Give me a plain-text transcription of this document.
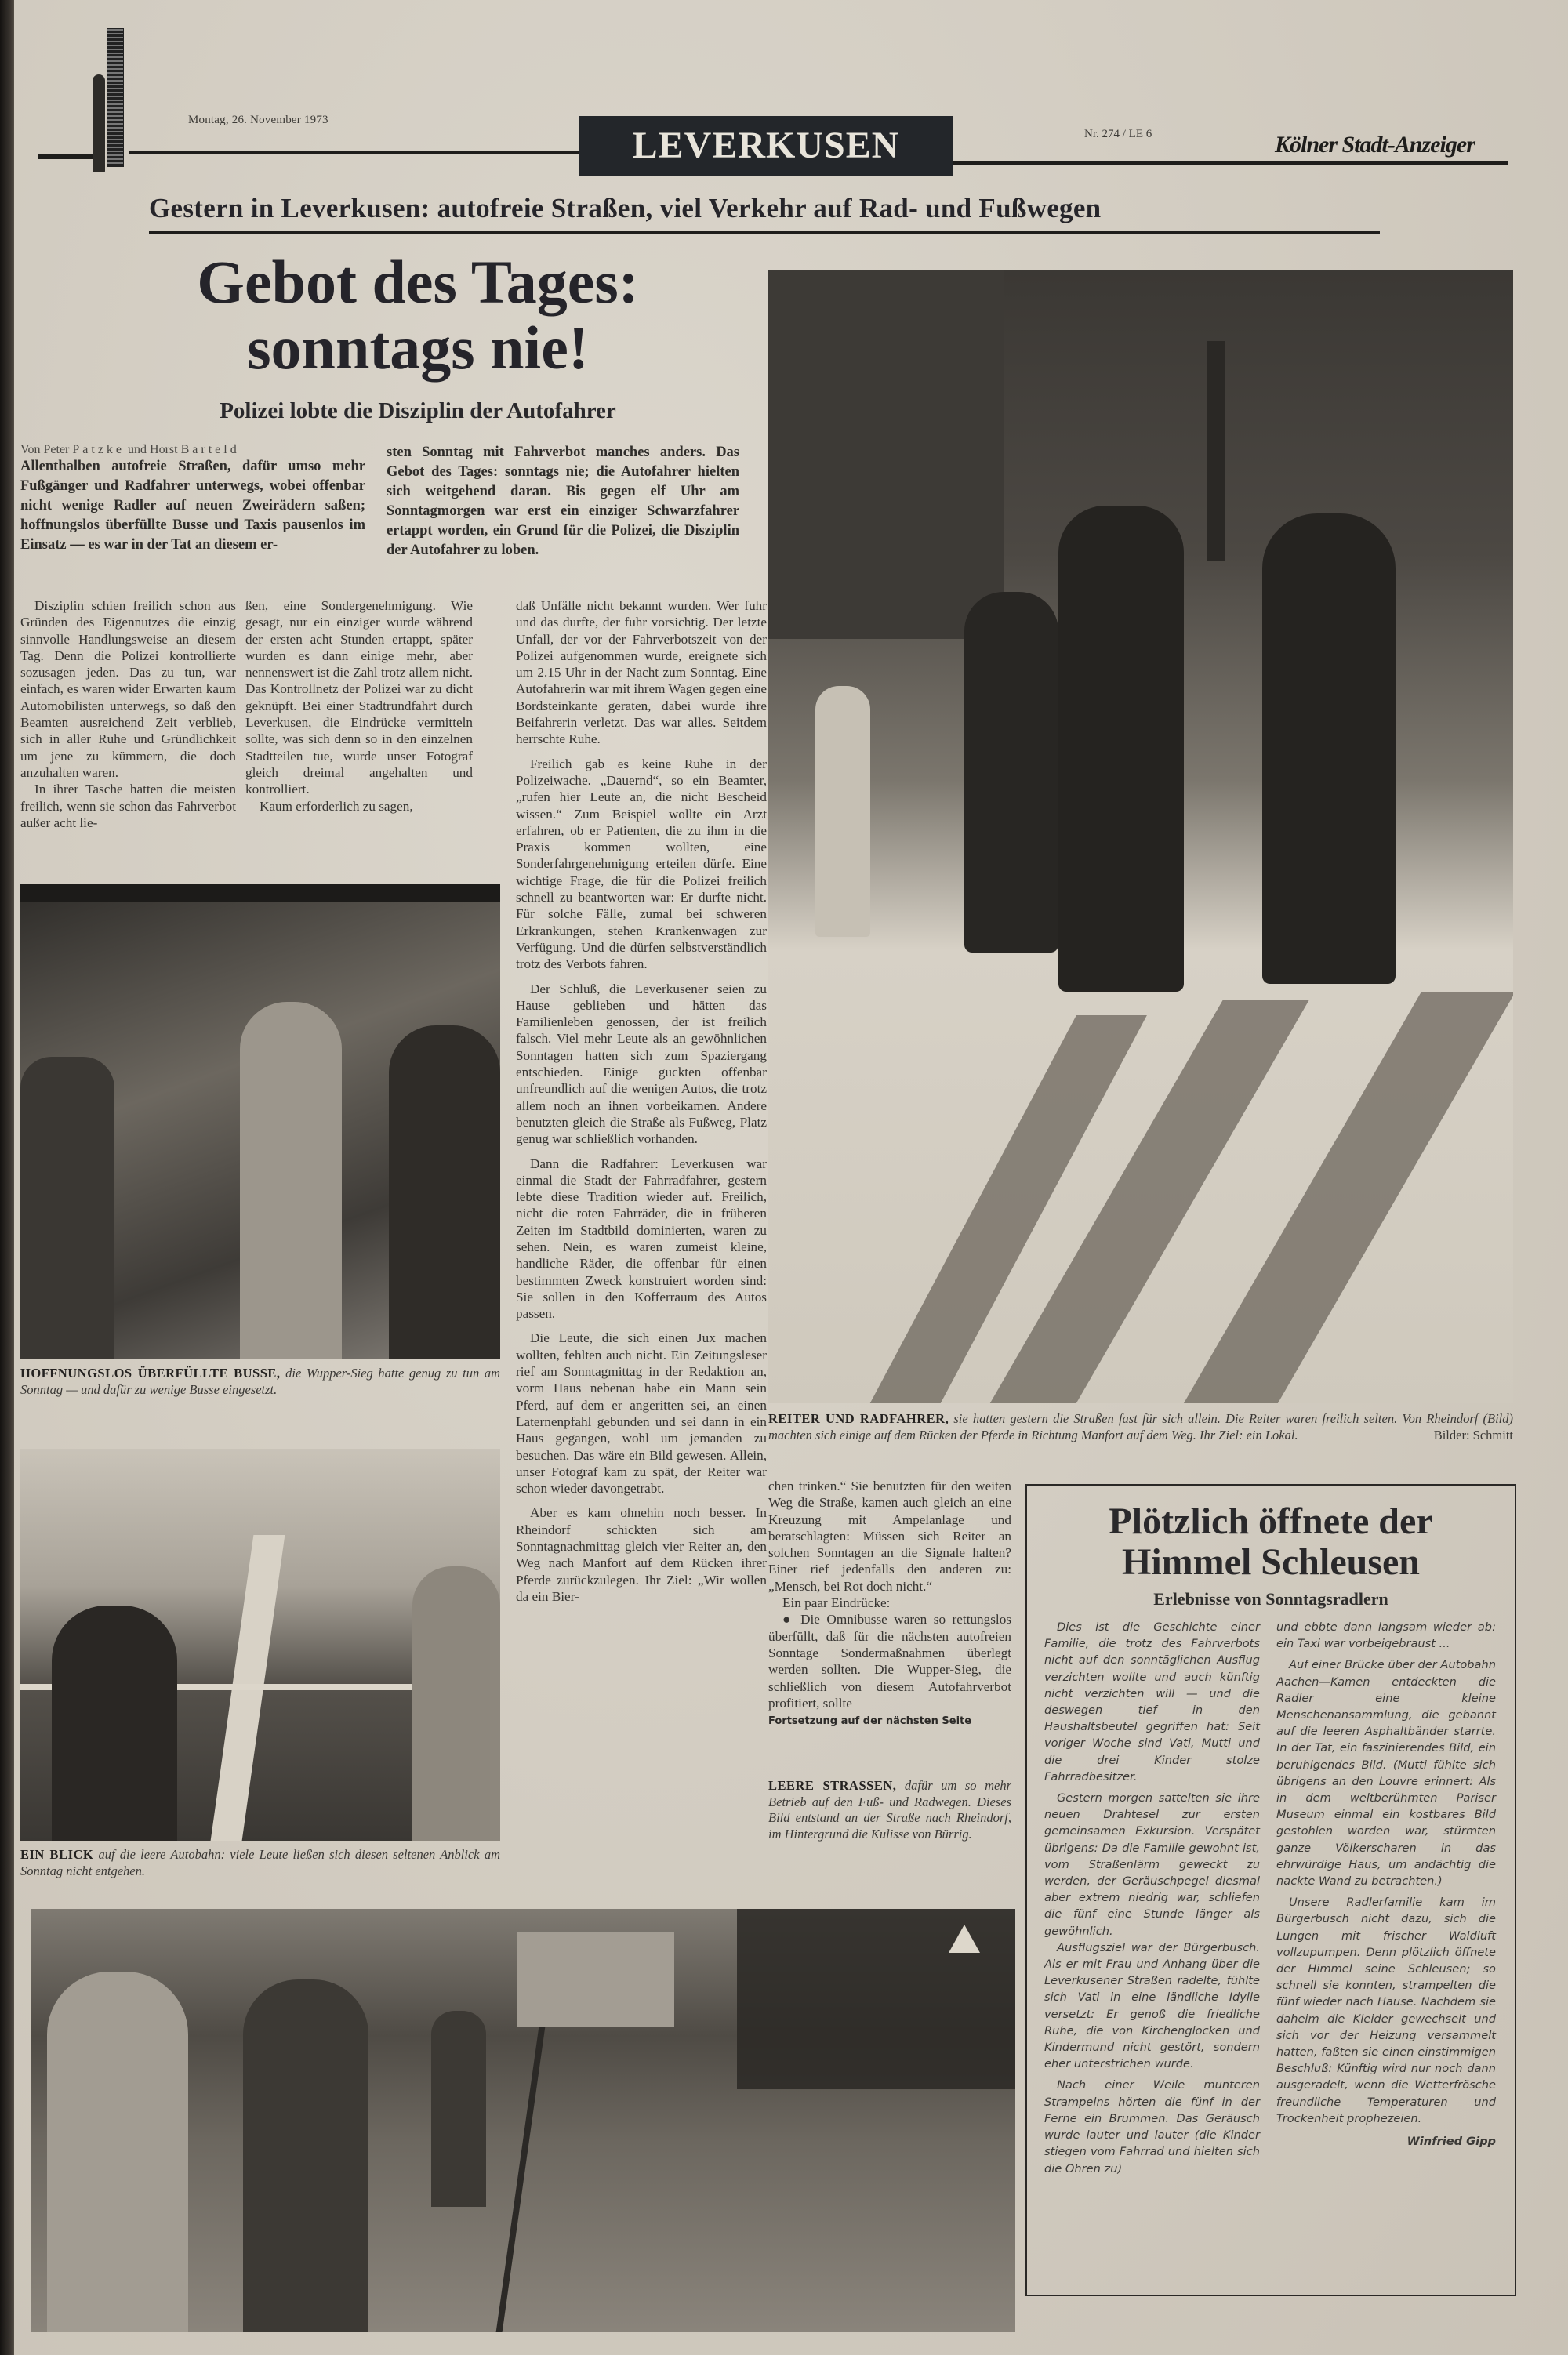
Montag, 26. November 1973
LEVERKUSEN	Nr. 274 / LE 6	Kölner Stadt-Anzeiger
Gestern in Leverkusen: autofreie Straßen, viel Verkehr auf Rad- und Fußwegen
Gebot des Tages:
sonntags nie!
Polizei lobte die Disziplin der Autofahrer
Von Peter Patzke und Horst Barteld
Allenthalben autofreie Straßen, dafür umso mehr Fußgänger und Radfahrer unterwegs, wobei offenbar nicht wenige Radler auf neuen Zweirädern saßen; hoffnungslos überfüllte Busse und Taxis pausenlos im Einsatz — es war in der Tat an diesem er-
sten Sonntag mit Fahrverbot manches anders. Das Gebot des Tages: sonntags nie; die Autofahrer hielten sich weitgehend daran. Bis gegen elf Uhr am Sonntagmorgen war erst ein einziger Schwarzfahrer ertappt worden, ein Grund für die Polizei, die Disziplin der Autofahrer zu loben.

Disziplin schien freilich schon aus Gründen des Eigennutzes die einzig sinnvolle Handlungsweise an diesem Tag. Denn die Polizei kontrollierte sozusagen jeden. Das zu tun, war einfach, es waren wider Erwarten kaum Automobilisten unterwegs, so daß den Beamten ausreichend Zeit verblieb, sich in aller Ruhe und Gründlichkeit um jene zu kümmern, die doch anzuhalten waren.

In ihrer Tasche hatten die meisten freilich, wenn sie schon das Fahrverbot außer acht lie-

ßen, eine Sondergenehmigung. Wie gesagt, nur ein einziger wurde während der ersten acht Stunden ertappt, später wurden es dann einige mehr, aber nennenswert ist die Zahl trotz allem nicht. Das Kontrollnetz der Polizei war zu dicht geknüpft. Bei einer Stadtrundfahrt durch Leverkusen, die Eindrücke vermitteln sollte, was sich denn so in den einzelnen Stadtteilen tue, wurde unser Fotograf gleich dreimal angehalten und kontrolliert.

Kaum erforderlich zu sagen,

HOFFNUNGSLOS ÜBERFÜLLTE BUSSE, die Wupper-Sieg hatte genug zu tun am Sonntag — und dafür zu wenige Busse eingesetzt.
EIN BLICK auf die leere Autobahn: viele Leute ließen sich diesen seltenen Anblick am Sonntag nicht entgehen.

daß Unfälle nicht bekannt wurden. Wer fuhr und das durfte, der fuhr vorsichtig. Der letzte Unfall, der vor der Fahrverbotszeit von der Polizei aufgenommen wurde, ereignete sich um 2.15 Uhr in der Nacht zum Sonntag. Eine Autofahrerin war mit ihrem Wagen gegen eine Bordsteinkante geraten, dabei wurde ihre Beifahrerin verletzt. Das war alles. Seitdem herrschte Ruhe.

Freilich gab es keine Ruhe in der Polizeiwache. „Dauernd“, so ein Beamter, „rufen hier Leute an, die nicht Bescheid wissen.“ Zum Beispiel wollte ein Arzt erfahren, ob er Patienten, die zu ihm in die Praxis kommen wollten, eine Sonderfahrgenehmigung erteilen dürfe. Eine wichtige Frage, die für die Polizei freilich schnell zu beantworten war: Er durfte nicht. Für solche Fälle, zumal bei schweren Erkrankungen, stehen Krankenwagen zur Verfügung. Und die dürfen selbstverständlich trotz des Verbots fahren.

Der Schluß, die Leverkusener seien zu Hause geblieben und hätten das Familienleben genossen, der ist freilich falsch. Viel mehr Leute als an gewöhnlichen Sonntagen hatten sich zum Spaziergang entschieden. Einige guckten offenbar unfreundlich auf die wenigen Autos, die trotz allem noch an ihnen vorbeikamen. Andere benutzten gleich die Straße als Fußweg, Platz genug war schließlich vorhanden.

Dann die Radfahrer: Leverkusen war einmal die Stadt der Fahrradfahrer, gestern lebte diese Tradition wieder auf. Freilich, nicht die roten Fahrräder, die in früheren Zeiten im Stadtbild dominierten, waren zu sehen. Nein, es waren zumeist kleine, handliche Räder, die offenbar für einen bestimmten Zweck konstruiert worden sind: Sie sollen in den Kofferraum des Autos passen.

Die Leute, die sich einen Jux machen wollten, fehlten auch nicht. Ein Zeitungsleser rief am Sonntagmittag in der Redaktion an, vorm Haus nebenan habe ein Mann sein Pferd, auf dem er angeritten sei, an einen Laternenpfahl gebunden und sei dann in ein Haus gegangen, wohl um jemanden zu besuchen. Das wäre ein Bild gewesen. Allein, unser Fotograf kam zu spät, der Reiter war schon wieder davongetrabt.

Aber es kam ohnehin noch besser. In Rheindorf schickten sich am Sonntagnachmittag gleich vier Reiter an, den Weg nach Manfort auf dem Rücken ihrer Pferde zurückzulegen. Ihr Ziel: „Wir wollen da ein Bier-

REITER UND RADFAHRER, sie hatten gestern die Straßen fast für sich allein. Die Reiter waren freilich selten. Von Rheindorf (Bild) machten sich einige auf dem Rücken der Pferde in Richtung Manfort auf dem Weg. Ihr Ziel: ein Lokal.	Bilder: Schmitt

chen trinken.“ Sie benutzten für den weiten Weg die Straße, kamen auch gleich an eine Kreuzung mit Ampelanlage und beratschlagten: Müssen sich Reiter an solchen Sonntagen an die Signale halten? Einer rief jedenfalls den anderen zu: „Mensch, bei Rot doch nicht.“

Ein paar Eindrücke:

● Die Omnibusse waren so rettungslos überfüllt, daß für die nächsten autofreien Sonntage Sondermaßnahmen überlegt werden sollten. Die Wupper-Sieg, die schließlich von diesem Autofahrverbot profitiert, sollte

Fortsetzung auf der nächsten Seite
LEERE STRASSEN, dafür um so mehr Betrieb auf den Fuß- und Radwegen. Dieses Bild entstand an der Straße nach Rheindorf, im Hintergrund die Kulisse von Bürrig.
Plötzlich öffnete der
Himmel Schleusen
Erlebnisse von Sonntagsradlern

Dies ist die Geschichte einer Familie, die trotz des Fahrverbots nicht auf den sonntäglichen Ausflug verzichten wollte und auch künftig nicht verzichten will — und die deswegen tief in den Haushaltsbeutel gegriffen hat: Seit voriger Woche sind Vati, Mutti und die drei Kinder stolze Fahrradbesitzer.

Gestern morgen sattelten sie ihre neuen Drahtesel zur ersten gemeinsamen Exkursion. Verspätet übrigens: Da die Familie gewohnt ist, vom Straßenlärm geweckt zu werden, der Geräuschpegel diesmal aber extrem niedrig war, schliefen die fünf eine Stunde länger als gewöhnlich.

Ausflugsziel war der Bürgerbusch. Als er mit Frau und Anhang über die Leverkusener Straßen radelte, fühlte sich Vati in eine ländliche Idylle versetzt: Er genoß die friedliche Ruhe, die von Kirchenglocken und Kindermund nicht gestört, sondern eher unterstrichen wurde.

Nach einer Weile munteren Strampelns hörten die fünf in der Ferne ein Brummen. Das Geräusch wurde lauter und lauter (die Kinder stiegen vom Fahrrad und hielten sich die Ohren zu)

und ebbte dann langsam wieder ab: ein Taxi war vorbeigebraust ...

Auf einer Brücke über der Autobahn Aachen—Kamen entdeckten die Radler eine kleine Menschenansammlung, die gebannt auf die leeren Asphaltbänder starrte. In der Tat, ein faszinierendes Bild, ein beruhigendes Bild. (Mutti fühlte sich übrigens an den Louvre erinnert: Als in dem weltberühmten Pariser Museum einmal ein kostbares Bild gestohlen worden war, stürmten ganze Völkerscharen in das ehrwürdige Haus, um andächtig die nackte Wand zu betrachten.)

Unsere Radlerfamilie kam im Bürgerbusch nicht dazu, sich die Lungen mit frischer Waldluft vollzupumpen. Denn plötzlich öffnete der Himmel seine Schleusen; so schnell sie konnten, strampelten die fünf wieder nach Hause. Nachdem sie daheim die Kleider gewechselt und sich vor der Heizung versammelt hatten, faßten sie einen einstimmigen Beschluß: Künftig wird nur noch dann ausgeradelt, wenn die Wetterfrösche freundliche Temperaturen und Trockenheit prophezeien.

Winfried Gipp
